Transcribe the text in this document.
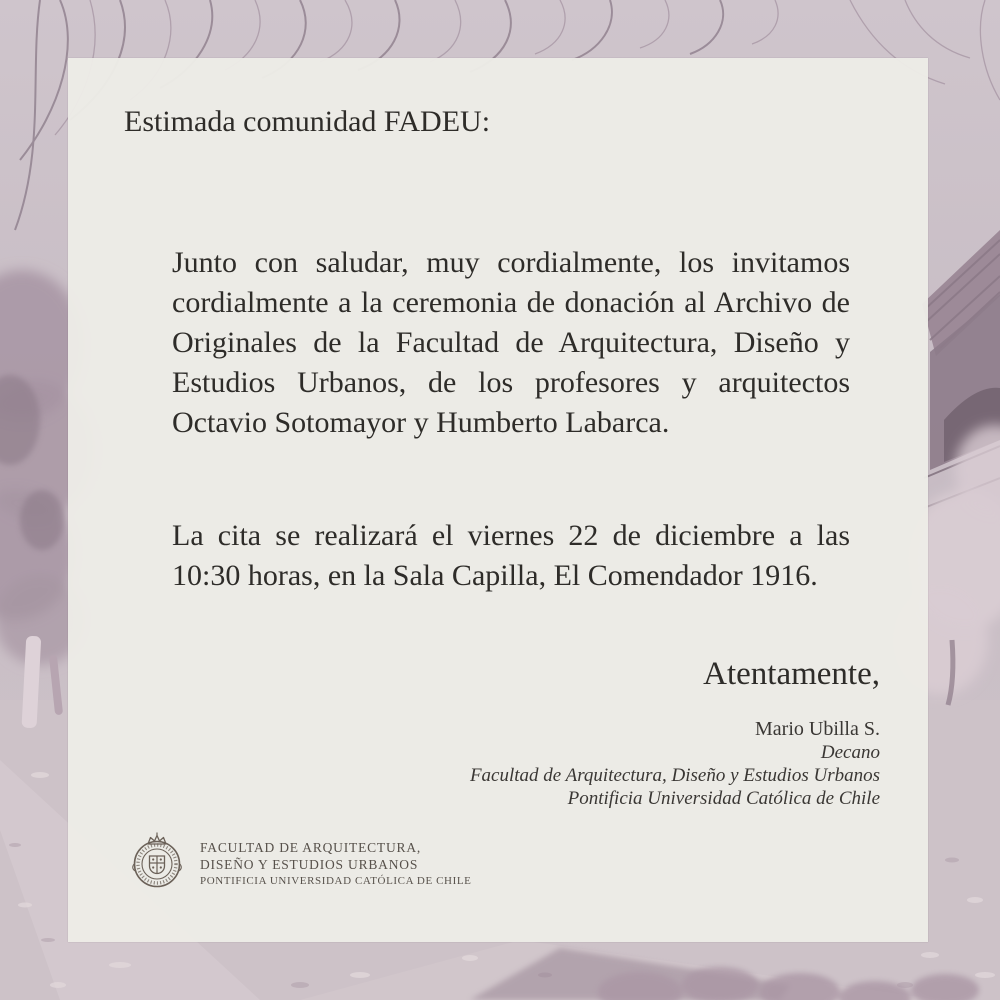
Estimada comunidad FADEU:

Junto con saludar, muy cordialmente, los invitamos cordialmente a la ceremonia de donación al Archivo de Originales de la Facultad de Arquitectura, Diseño y Estudios Urbanos, de los profesores y arquitectos Octavio Sotomayor y Humberto Labarca.

La cita se realizará el viernes 22 de diciembre a las 10:30 horas, en la Sala Capilla, El Comendador 1916.

Atentamente,
Mario Ubilla S.
Decano
Facultad de Arquitectura, Diseño y Estudios Urbanos
Pontificia Universidad Católica de Chile
FACULTAD DE ARQUITECTURA,
DISEÑO Y ESTUDIOS URBANOS
PONTIFICIA UNIVERSIDAD CATÓLICA DE CHILE
